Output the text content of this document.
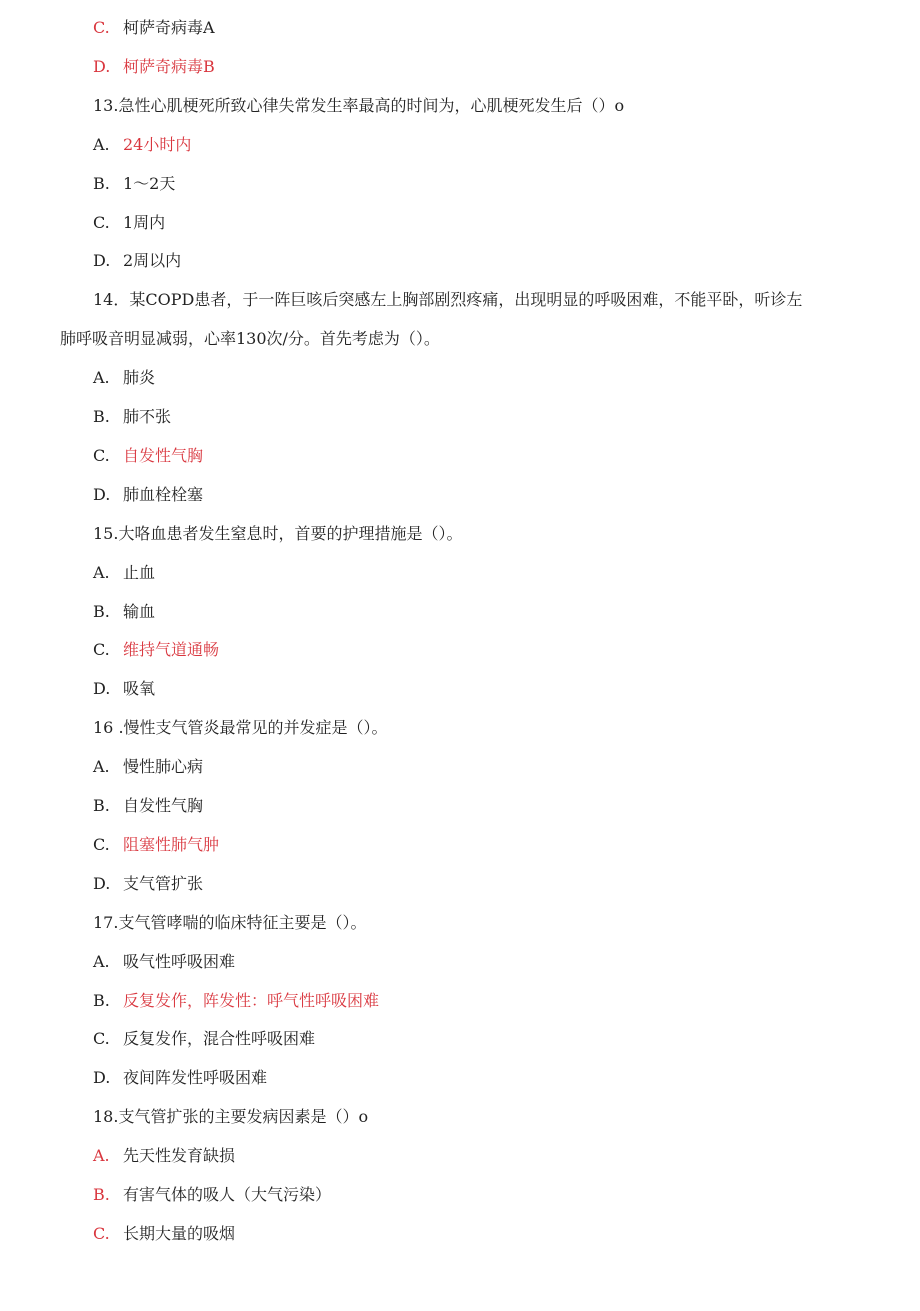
C. 柯萨奇病毒A
D. 柯萨奇病毒B
13.急性心肌梗死所致心律失常发生率最高的时间为，心肌梗死发生后（）o
A. 24小时内
B. 1～2天
C. 1周内
D. 2周以内
14．某COPD患者，于一阵巨咳后突感左上胸部剧烈疼痛，出现明显的呼吸困难，不能平卧，听诊左
肺呼吸音明显减弱，心率130次/分。首先考虑为（）。
A. 肺炎
B. 肺不张
C. 自发性气胸
D. 肺血栓栓塞
15.大咯血患者发生窒息时，首要的护理措施是（）。
A. 止血
B. 输血
C. 维持气道通畅
D. 吸氧
16 .慢性支气管炎最常见的并发症是（）。
A. 慢性肺心病
B. 自发性气胸
C. 阻塞性肺气肿
D. 支气管扩张
17.支气管哮喘的临床特征主要是（）。
A. 吸气性呼吸困难
B. 反复发作，阵发性：呼气性呼吸困难
C. 反复发作，混合性呼吸困难
D. 夜间阵发性呼吸困难
18.支气管扩张的主要发病因素是（）o
A. 先天性发育缺损
B. 有害气体的吸人（大气污染）
C. 长期大量的吸烟
